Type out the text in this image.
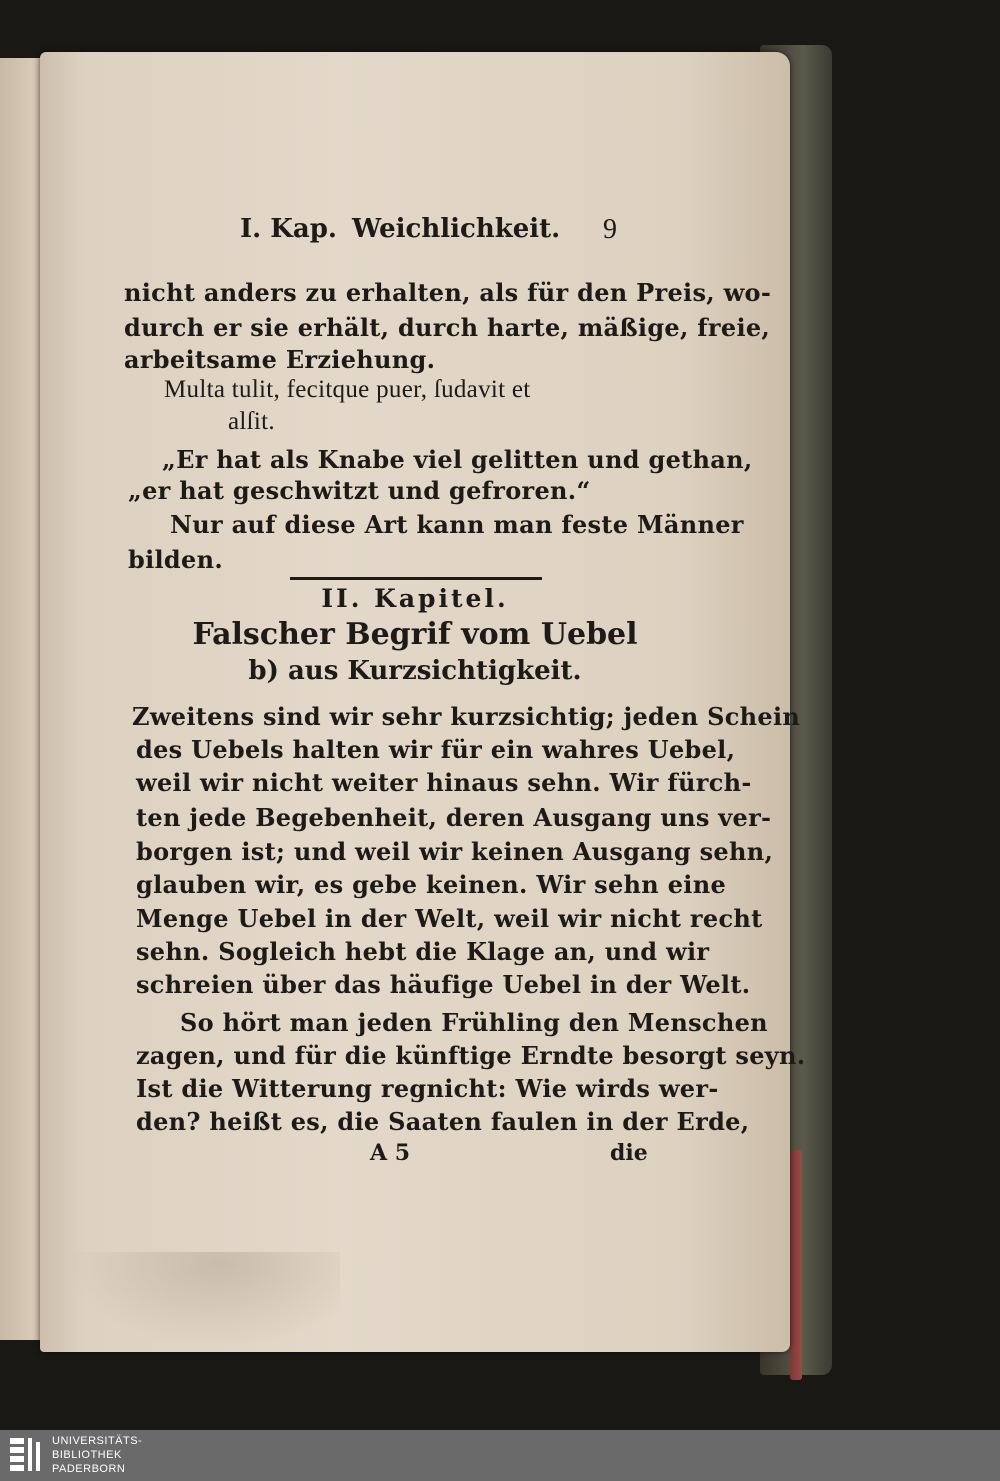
I. Kap. Weichlichkeit. 9
nicht anders zu erhalten, als für den Preis, wo-
durch er sie erhält, durch harte, mäßige, freie,
arbeitsame Erziehung.
Multa tulit, fecitque puer, ſudavit et
alſit.
„Er hat als Knabe viel gelitten und gethan,
„er hat geschwitzt und gefroren.“
Nur auf diese Art kann man feste Männer
bilden.
II. Kapitel.
Falscher Begrif vom Uebel
b) aus Kurzsichtigkeit.
Zweitens sind wir sehr kurzsichtig; jeden Schein
des Uebels halten wir für ein wahres Uebel,
weil wir nicht weiter hinaus sehn. Wir fürch-
ten jede Begebenheit, deren Ausgang uns ver-
borgen ist; und weil wir keinen Ausgang sehn,
glauben wir, es gebe keinen. Wir sehn eine
Menge Uebel in der Welt, weil wir nicht recht
sehn. Sogleich hebt die Klage an, und wir
schreien über das häufige Uebel in der Welt.
So hört man jeden Frühling den Menschen
zagen, und für die künftige Erndte besorgt seyn.
Ist die Witterung regnicht: Wie wirds wer-
den? heißt es, die Saaten faulen in der Erde,
A 5	die
UNIVERSITÄTS-
BIBLIOTHEK
PADERBORN
